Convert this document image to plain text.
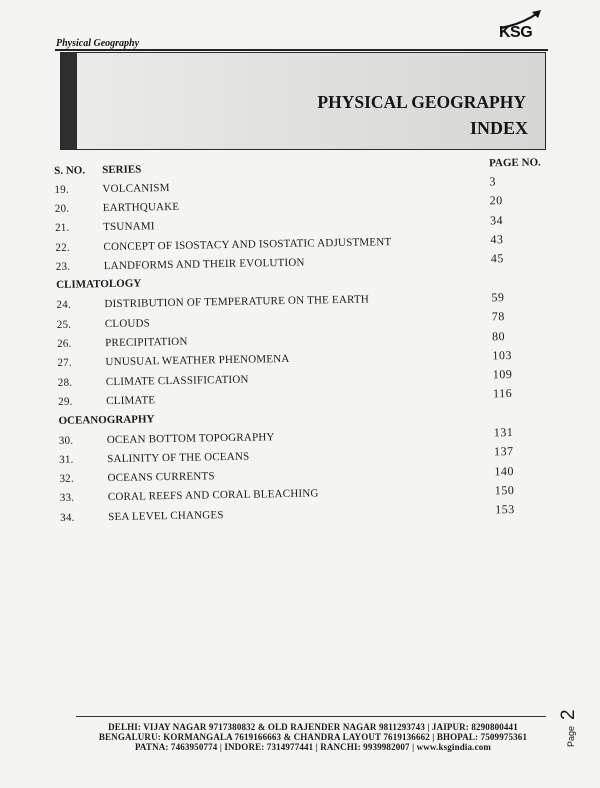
Physical Geography
KSG
PHYSICAL GEOGRAPHY
INDEX
S. NO.	SERIES
PAGE NO.
19.	VOLCANISM	3
20.	EARTHQUAKE	20
21.	TSUNAMI	34
22.	CONCEPT OF ISOSTACY AND ISOSTATIC ADJUSTMENT	43
23.	LANDFORMS AND THEIR EVOLUTION	45
CLIMATOLOGY
24.	DISTRIBUTION OF TEMPERATURE ON THE EARTH	59
25.	CLOUDS	78
26.	PRECIPITATION	80
27.	UNUSUAL WEATHER PHENOMENA	103
28.	CLIMATE CLASSIFICATION	109
29.	CLIMATE	116
OCEANOGRAPHY
30.	OCEAN BOTTOM TOPOGRAPHY	131
31.	SALINITY OF THE OCEANS	137
32.	OCEANS CURRENTS	140
33.	CORAL REEFS AND CORAL BLEACHING	150
34.	SEA LEVEL CHANGES	153
DELHI: VIJAY NAGAR 9717380832 & OLD RAJENDER NAGAR 9811293743 | JAIPUR: 8290800441
BENGALURU: KORMANGALA 7619166663 & CHANDRA LAYOUT 7619136662 | BHOPAL: 7509975361
PATNA: 7463950774 | INDORE: 7314977441 | RANCHI: 9939982007 | www.ksgindia.com	Page 2
